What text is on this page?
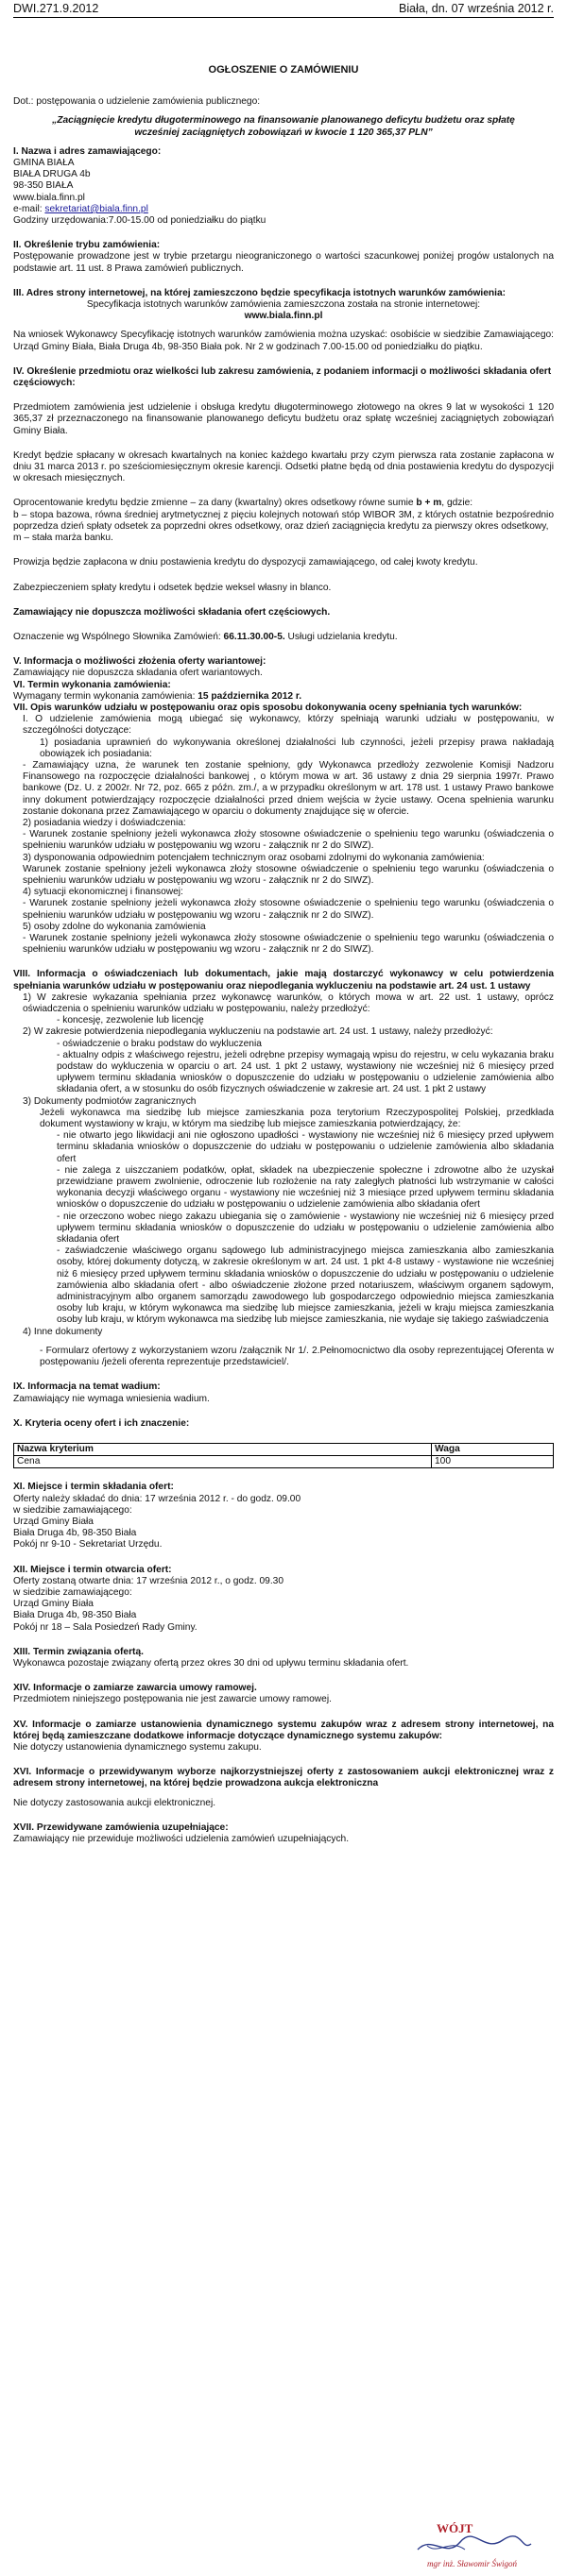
DWI.271.9.2012	Biała, dn. 07 września 2012 r.

OGŁOSZENIE O ZAMÓWIENIU

Dot.: postępowania o udzielenie zamówienia publicznego:

„Zaciągnięcie kredytu długoterminowego na finansowanie planowanego deficytu budżetu oraz spłatę wcześniej zaciągniętych zobowiązań w kwocie 1 120 365,37 PLN”

I. Nazwa i adres zamawiającego:

GMINA BIAŁA

BIAŁA DRUGA 4b

98-350 BIAŁA

www.biala.finn.pl

e-mail: sekretariat@biala.finn.pl

Godziny urzędowania:7.00-15.00 od poniedziałku do piątku

II. Określenie trybu zamówienia:

Postępowanie prowadzone jest w trybie przetargu nieograniczonego o wartości szacunkowej poniżej progów ustalonych na podstawie art. 11 ust. 8 Prawa zamówień publicznych.

III. Adres strony internetowej, na której zamieszczono będzie specyfikacja istotnych warunków zamówienia:

Specyfikacja istotnych warunków zamówienia zamieszczona została na stronie internetowej:

www.biala.finn.pl

Na wniosek Wykonawcy Specyfikację istotnych warunków zamówienia można uzyskać: osobiście w siedzibie Zamawiającego: Urząd Gminy Biała, Biała Druga 4b, 98-350 Biała pok. Nr 2 w godzinach 7.00-15.00 od poniedziałku do piątku.

IV. Określenie przedmiotu oraz wielkości lub zakresu zamówienia, z podaniem informacji o możliwości składania ofert częściowych:

Przedmiotem zamówienia jest udzielenie i obsługa kredytu długoterminowego złotowego na okres 9 lat w wysokości 1 120 365,37 zł przeznaczonego na finansowanie planowanego deficytu budżetu oraz spłatę wcześniej zaciągniętych zobowiązań Gminy Biała.

Kredyt będzie spłacany w okresach kwartalnych na koniec każdego kwartału przy czym pierwsza rata zostanie zapłacona w dniu 31 marca 2013 r. po sześciomiesięcznym okresie karencji. Odsetki płatne będą od dnia postawienia kredytu do dyspozycji w okresach miesięcznych.

Oprocentowanie kredytu będzie zmienne – za dany (kwartalny) okres odsetkowy równe sumie b + m, gdzie:

b – stopa bazowa, równa średniej arytmetycznej z pięciu kolejnych notowań stóp WIBOR 3M, z których ostatnie bezpośrednio poprzedza dzień spłaty odsetek za poprzedni okres odsetkowy, oraz dzień zaciągnięcia kredytu za pierwszy okres odsetkowy,

m – stała marża banku.

Prowizja będzie zapłacona w dniu postawienia kredytu do dyspozycji zamawiającego, od całej kwoty kredytu.

Zabezpieczeniem spłaty kredytu i odsetek będzie weksel własny in blanco.

Zamawiający nie dopuszcza możliwości składania ofert częściowych.

Oznaczenie wg Wspólnego Słownika Zamówień: 66.11.30.00-5. Usługi udzielania kredytu.

V. Informacja o możliwości złożenia oferty wariantowej:

Zamawiający nie dopuszcza składania ofert wariantowych.

VI. Termin wykonania zamówienia:

Wymagany termin wykonania zamówienia: 15 października 2012 r.

VII. Opis warunków udziału w postępowaniu oraz opis sposobu dokonywania oceny spełniania tych warunków:

I. O udzielenie zamówienia mogą ubiegać się wykonawcy, którzy spełniają warunki udziału w postępowaniu, w szczególności dotyczące:

1) posiadania uprawnień do wykonywania określonej działalności lub czynności, jeżeli przepisy prawa nakładają obowiązek ich posiadania:

- Zamawiający uzna, że warunek ten zostanie spełniony, gdy Wykonawca przedłoży zezwolenie Komisji Nadzoru Finansowego na rozpoczęcie działalności bankowej , o którym mowa w art. 36 ustawy z dnia 29 sierpnia 1997r. Prawo bankowe (Dz. U. z 2002r. Nr 72, poz. 665 z późn. zm./, a w przypadku określonym w art. 178 ust. 1 ustawy Prawo bankowe inny dokument potwierdzający rozpoczęcie działalności przed dniem wejścia w życie ustawy. Ocena spełnienia warunku zostanie dokonana przez Zamawiającego w oparciu o dokumenty znajdujące się w ofercie.

2) posiadania wiedzy i doświadczenia:

- Warunek zostanie spełniony jeżeli wykonawca złoży stosowne oświadczenie o spełnieniu tego warunku (oświadczenia o spełnieniu warunków udziału w postępowaniu wg wzoru - załącznik nr 2 do SIWZ).

3) dysponowania odpowiednim potencjałem technicznym oraz osobami zdolnymi do wykonania zamówienia:

Warunek zostanie spełniony jeżeli wykonawca złoży stosowne oświadczenie o spełnieniu tego warunku (oświadczenia o spełnieniu warunków udziału w postępowaniu wg wzoru - załącznik nr 2 do SIWZ).

4) sytuacji ekonomicznej i finansowej:

- Warunek zostanie spełniony jeżeli wykonawca złoży stosowne oświadczenie o spełnieniu tego warunku (oświadczenia o spełnieniu warunków udziału w postępowaniu wg wzoru - załącznik nr 2 do SIWZ).

5) osoby zdolne do wykonania zamówienia

- Warunek zostanie spełniony jeżeli wykonawca złoży stosowne oświadczenie o spełnieniu tego warunku (oświadczenia o spełnieniu warunków udziału w postępowaniu wg wzoru - załącznik nr 2 do SIWZ).

VIII. Informacja o oświadczeniach lub dokumentach, jakie mają dostarczyć wykonawcy w celu potwierdzenia spełniania warunków udziału w postępowaniu oraz niepodlegania wykluczeniu na podstawie art. 24 ust. 1 ustawy

1) W zakresie wykazania spełniania przez wykonawcę warunków, o których mowa w art. 22 ust. 1 ustawy, oprócz oświadczenia o spełnieniu warunków udziału w postępowaniu, należy przedłożyć:

- koncesję, zezwolenie lub licencję

2) W zakresie potwierdzenia niepodlegania wykluczeniu na podstawie art. 24 ust. 1 ustawy, należy przedłożyć:

- oświadczenie o braku podstaw do wykluczenia

- aktualny odpis z właściwego rejestru, jeżeli odrębne przepisy wymagają wpisu do rejestru, w celu wykazania braku podstaw do wykluczenia w oparciu o art. 24 ust. 1 pkt 2 ustawy, wystawiony nie wcześniej niż 6 miesięcy przed upływem terminu składania wniosków o dopuszczenie do udziału w postępowaniu o udzielenie zamówienia albo składania ofert, a w stosunku do osób fizycznych oświadczenie w zakresie art. 24 ust. 1 pkt 2 ustawy

3) Dokumenty podmiotów zagranicznych

Jeżeli wykonawca ma siedzibę lub miejsce zamieszkania poza terytorium Rzeczypospolitej Polskiej, przedkłada dokument wystawiony w kraju, w którym ma siedzibę lub miejsce zamieszkania potwierdzający, że:

- nie otwarto jego likwidacji ani nie ogłoszono upadłości - wystawiony nie wcześniej niż 6 miesięcy przed upływem terminu składania wniosków o dopuszczenie do udziału w postępowaniu o udzielenie zamówienia albo składania ofert

- nie zalega z uiszczaniem podatków, opłat, składek na ubezpieczenie społeczne i zdrowotne albo że uzyskał przewidziane prawem zwolnienie, odroczenie lub rozłożenie na raty zaległych płatności lub wstrzymanie w całości wykonania decyzji właściwego organu - wystawiony nie wcześniej niż 3 miesiące przed upływem terminu składania wniosków o dopuszczenie do udziału w postępowaniu o udzielenie zamówienia albo składania ofert

- nie orzeczono wobec niego zakazu ubiegania się o zamówienie - wystawiony nie wcześniej niż 6 miesięcy przed upływem terminu składania wniosków o dopuszczenie do udziału w postępowaniu o udzielenie zamówienia albo składania ofert

- zaświadczenie właściwego organu sądowego lub administracyjnego miejsca zamieszkania albo zamieszkania osoby, której dokumenty dotyczą, w zakresie określonym w art. 24 ust. 1 pkt 4-8 ustawy - wystawione nie wcześniej niż 6 miesięcy przed upływem terminu składania wniosków o dopuszczenie do udziału w postępowaniu o udzielenie zamówienia albo składania ofert - albo oświadczenie złożone przed notariuszem, właściwym organem sądowym, administracyjnym albo organem samorządu zawodowego lub gospodarczego odpowiednio miejsca zamieszkania osoby lub kraju, w którym wykonawca ma siedzibę lub miejsce zamieszkania, jeżeli w kraju miejsca zamieszkania osoby lub kraju, w którym wykonawca ma siedzibę lub miejsce zamieszkania, nie wydaje się takiego zaświadczenia

4) Inne dokumenty

- Formularz ofertowy z wykorzystaniem wzoru /załącznik Nr 1/. 2.Pełnomocnictwo dla osoby reprezentującej Oferenta w postępowaniu /jeżeli oferenta reprezentuje przedstawiciel/.

IX. Informacja na temat wadium:

Zamawiający nie wymaga wniesienia wadium.

X. Kryteria oceny ofert i ich znaczenie:

Nazwa kryterium	Waga
Cena	100

XI. Miejsce i termin składania ofert:

Oferty należy składać do dnia: 17 września 2012 r. - do godz. 09.00

w siedzibie zamawiającego:

Urząd Gminy Biała

Biała Druga 4b, 98-350 Biała

Pokój nr 9-10 - Sekretariat Urzędu.

XII. Miejsce i termin otwarcia ofert:

Oferty zostaną otwarte dnia: 17 września 2012 r., o godz. 09.30

w siedzibie zamawiającego:

Urząd Gminy Biała

Biała Druga 4b, 98-350 Biała

Pokój nr 18 – Sala Posiedzeń Rady Gminy.

XIII. Termin związania ofertą.

Wykonawca pozostaje związany ofertą przez okres 30 dni od upływu terminu składania ofert.

XIV. Informacje o zamiarze zawarcia umowy ramowej.

Przedmiotem niniejszego postępowania nie jest zawarcie umowy ramowej.

XV. Informacje o zamiarze ustanowienia dynamicznego systemu zakupów wraz z adresem strony internetowej, na której będą zamieszczane dodatkowe informacje dotyczące dynamicznego systemu zakupów:

Nie dotyczy ustanowienia dynamicznego systemu zakupu.

XVI. Informacje o przewidywanym wyborze najkorzystniejszej oferty z zastosowaniem aukcji elektronicznej wraz z adresem strony internetowej, na której będzie prowadzona aukcja elektroniczna

Nie dotyczy zastosowania aukcji elektronicznej.

XVII. Przewidywane zamówienia uzupełniające:

Zamawiający nie przewiduje możliwości udzielenia zamówień uzupełniających.

WÓJT
mgr inż. Sławomir Świgoń
